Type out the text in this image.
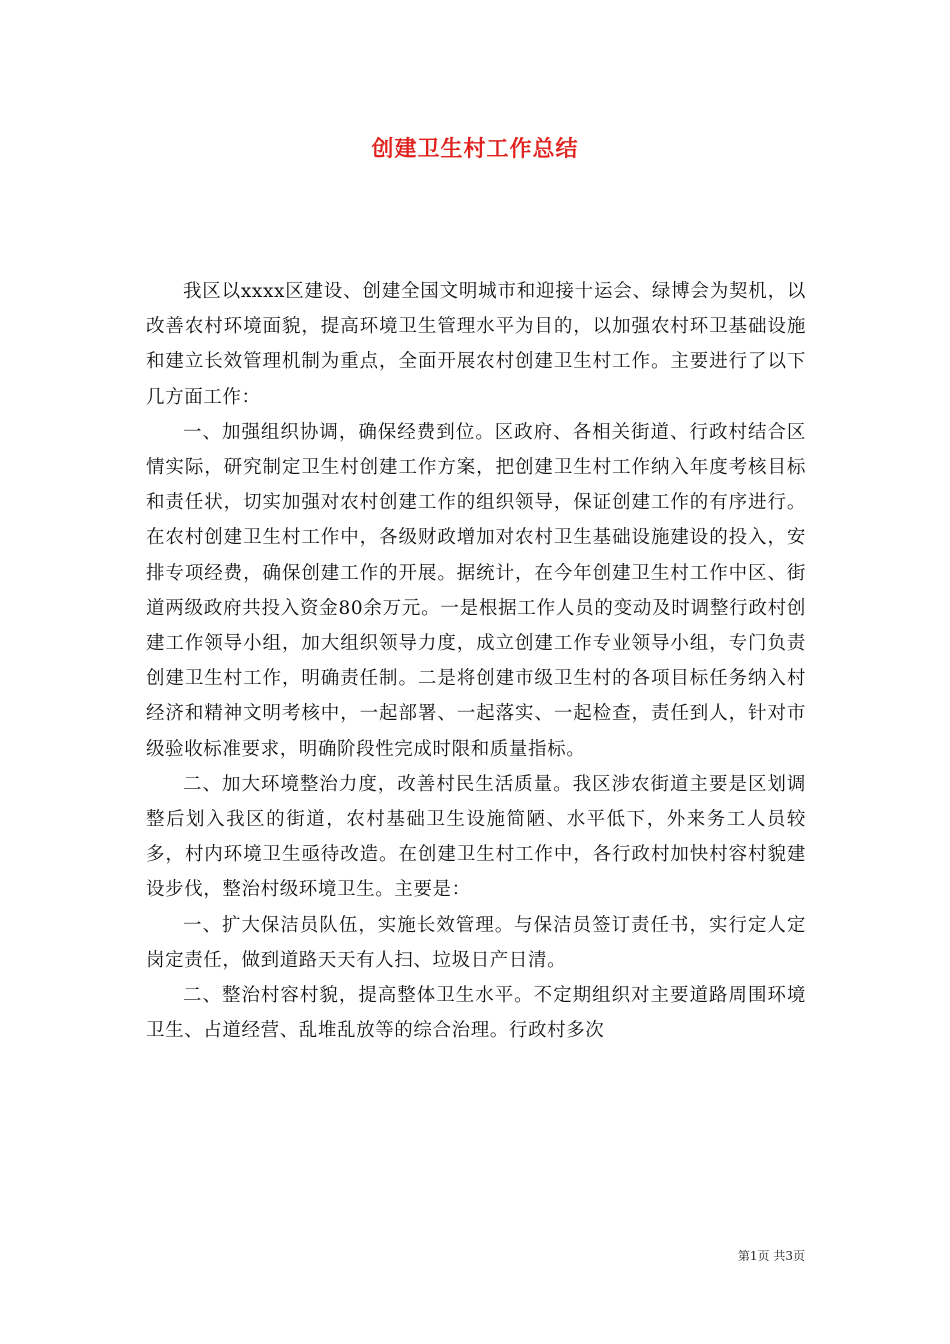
创建卫生村工作总结

我区以xxxx区建设、创建全国文明城市和迎接十运会、绿博会为契机，以改善农村环境面貌，提高环境卫生管理水平为目的，以加强农村环卫基础设施和建立长效管理机制为重点，全面开展农村创建卫生村工作。主要进行了以下几方面工作：

一、加强组织协调，确保经费到位。区政府、各相关街道、行政村结合区情实际，研究制定卫生村创建工作方案，把创建卫生村工作纳入年度考核目标和责任状，切实加强对农村创建工作的组织领导，保证创建工作的有序进行。在农村创建卫生村工作中，各级财政增加对农村卫生基础设施建设的投入，安排专项经费，确保创建工作的开展。据统计，在今年创建卫生村工作中区、街道两级政府共投入资金80余万元。一是根据工作人员的变动及时调整行政村创建工作领导小组，加大组织领导力度，成立创建工作专业领导小组，专门负责创建卫生村工作，明确责任制。二是将创建市级卫生村的各项目标任务纳入村经济和精神文明考核中，一起部署、一起落实、一起检查，责任到人，针对市级验收标准要求，明确阶段性完成时限和质量指标。

二、加大环境整治力度，改善村民生活质量。我区涉农街道主要是区划调整后划入我区的街道，农村基础卫生设施简陋、水平低下，外来务工人员较多，村内环境卫生亟待改造。在创建卫生村工作中，各行政村加快村容村貌建设步伐，整治村级环境卫生。主要是：

一、扩大保洁员队伍，实施长效管理。与保洁员签订责任书，实行定人定岗定责任，做到道路天天有人扫、垃圾日产日清。

二、整治村容村貌，提高整体卫生水平。不定期组织对主要道路周围环境卫生、占道经营、乱堆乱放等的综合治理。行政村多次

第1页 共3页
